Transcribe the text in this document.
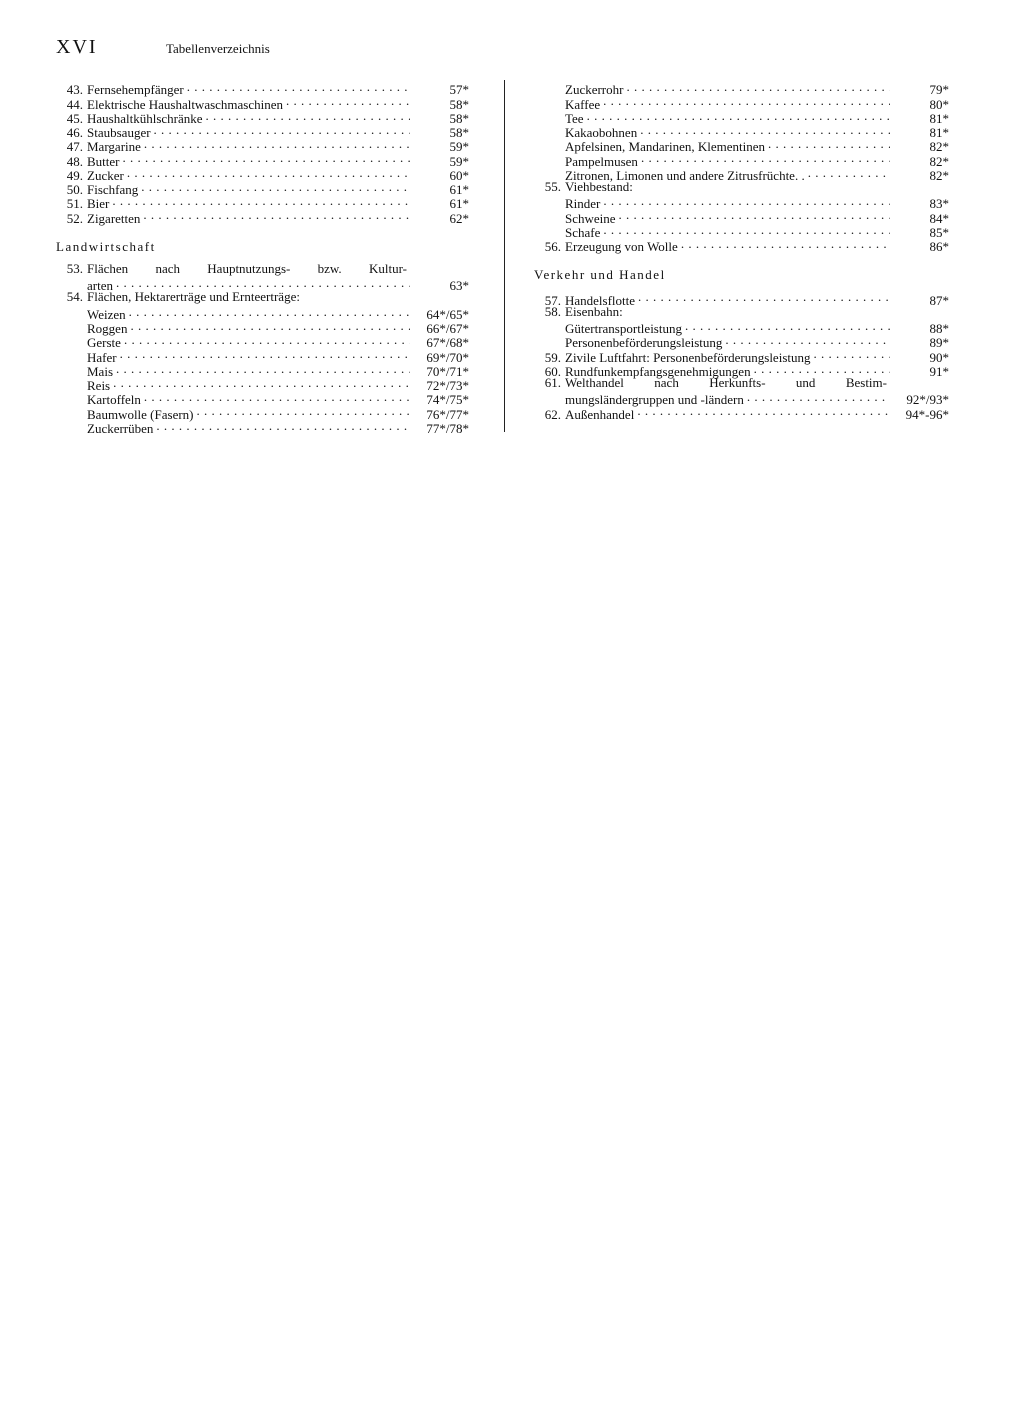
XVI	Tabellenverzeichnis
43. Fernsehempfänger . . .	57*
44. Elektrische Haushaltwaschmaschinen . . .	58*
45. Haushaltkühlschränke . . .	58*
46. Staubsauger . . .	58*
47. Margarine . . .	59*
48. Butter . . .	59*
49. Zucker . . .	60*
50. Fischfang . . .	61*
51. Bier . . .	61*
52. Zigaretten . . .	62*
Landwirtschaft
53. Flächen nach Hauptnutzungs- bzw. Kultur-
arten . . .	63*
54. Flächen, Hektarerträge und Ernteerträge:
Weizen . . .	64*/65*
Roggen . . .	66*/67*
Gerste . . .	67*/68*
Hafer . . .	69*/70*
Mais . . .	70*/71*
Reis . . .	72*/73*
Kartoffeln . . .	74*/75*
Baumwolle (Fasern) . . .	76*/77*
Zuckerrüben . . .	77*/78*
Zuckerrohr . . .	79*
Kaffee . . .	80*
Tee . . .	81*
Kakaobohnen . . .	81*
Apfelsinen, Mandarinen, Klementinen . . .	82*
Pampelmusen . . .	82*
Zitronen, Limonen und andere Zitrusfrüchte. . . . .	82*
55. Viehbestand:
Rinder . . .	83*
Schweine . . .	84*
Schafe . . .	85*
56. Erzeugung von Wolle . . .	86*
Verkehr und Handel
57. Handelsflotte . . .	87*
58. Eisenbahn:
Gütertransportleistung . . .	88*
Personenbeförderungsleistung . . .	89*
59. Zivile Luftfahrt: Personenbeförderungsleistung . . .	90*
60. Rundfunkempfangsgenehmigungen . . .	91*
61. Welthandel nach Herkunfts- und Bestim-
mungsländergruppen und -ländern . . .	92*/93*
62. Außenhandel . . .	94*-96*
